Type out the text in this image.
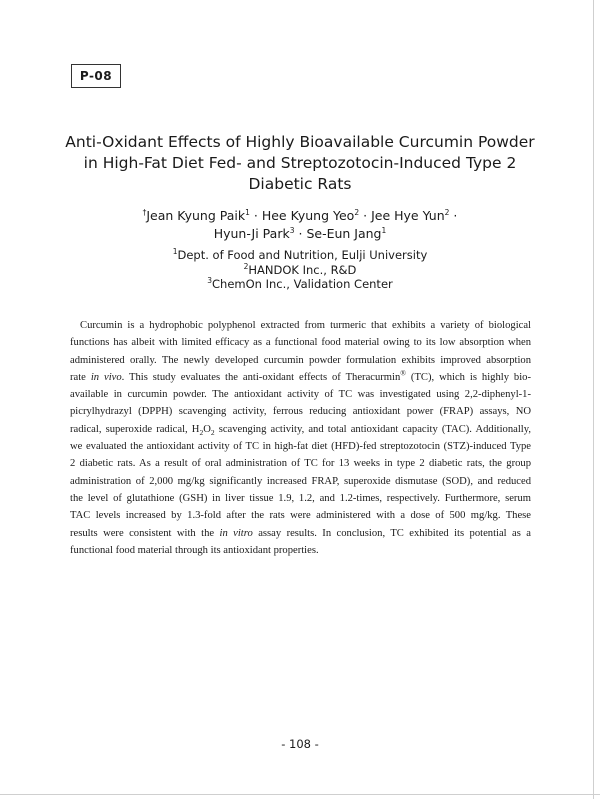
P-08
Anti-Oxidant Effects of Highly Bioavailable Curcumin Powder
in High-Fat Diet Fed- and Streptozotocin-Induced Type 2
Diabetic Rats
†Jean Kyung Paik$^1$ · Hee Kyung Yeo$^2$ · Jee Hye Yun$^2$ ·
Hyun-Ji Park$^3$ · Se-Eun Jang$^1$
$^1$Dept. of Food and Nutrition, Eulji University
$^2$HANDOK Inc., R&D
$^3$ChemOn Inc., Validation Center
Curcumin is a hydrophobic polyphenol extracted from turmeric that exhibits a variety of biological
functions has albeit with limited efficacy as a functional food material owing to its low absorption when
administered orally. The newly developed curcumin powder formulation exhibits improved absorption
rate in vivo. This study evaluates the anti-oxidant effects of Theracurmin® (TC), which is highly bio-
available in curcumin powder. The antioxidant activity of TC was investigated using 2,2-diphenyl-1-
picrylhydrazyl (DPPH) scavenging activity, ferrous reducing antioxidant power (FRAP) assays, NO
radical, superoxide radical, $H_2O_2$ scavenging activity, and total antioxidant capacity (TAC). Additionally,
we evaluated the antioxidant activity of TC in high-fat diet (HFD)-fed streptozotocin (STZ)-induced Type
2 diabetic rats. As a result of oral administration of TC for 13 weeks in type 2 diabetic rats, the group
administration of 2,000 mg/kg significantly increased FRAP, superoxide dismutase (SOD), and reduced
the level of glutathione (GSH) in liver tissue 1.9, 1.2, and 1.2-times, respectively. Furthermore, serum
TAC levels increased by 1.3-fold after the rats were administered with a dose of 500 mg/kg. These
results were consistent with the in vitro assay results. In conclusion, TC exhibited its potential as a
functional food material through its antioxidant properties.
- 108 -
